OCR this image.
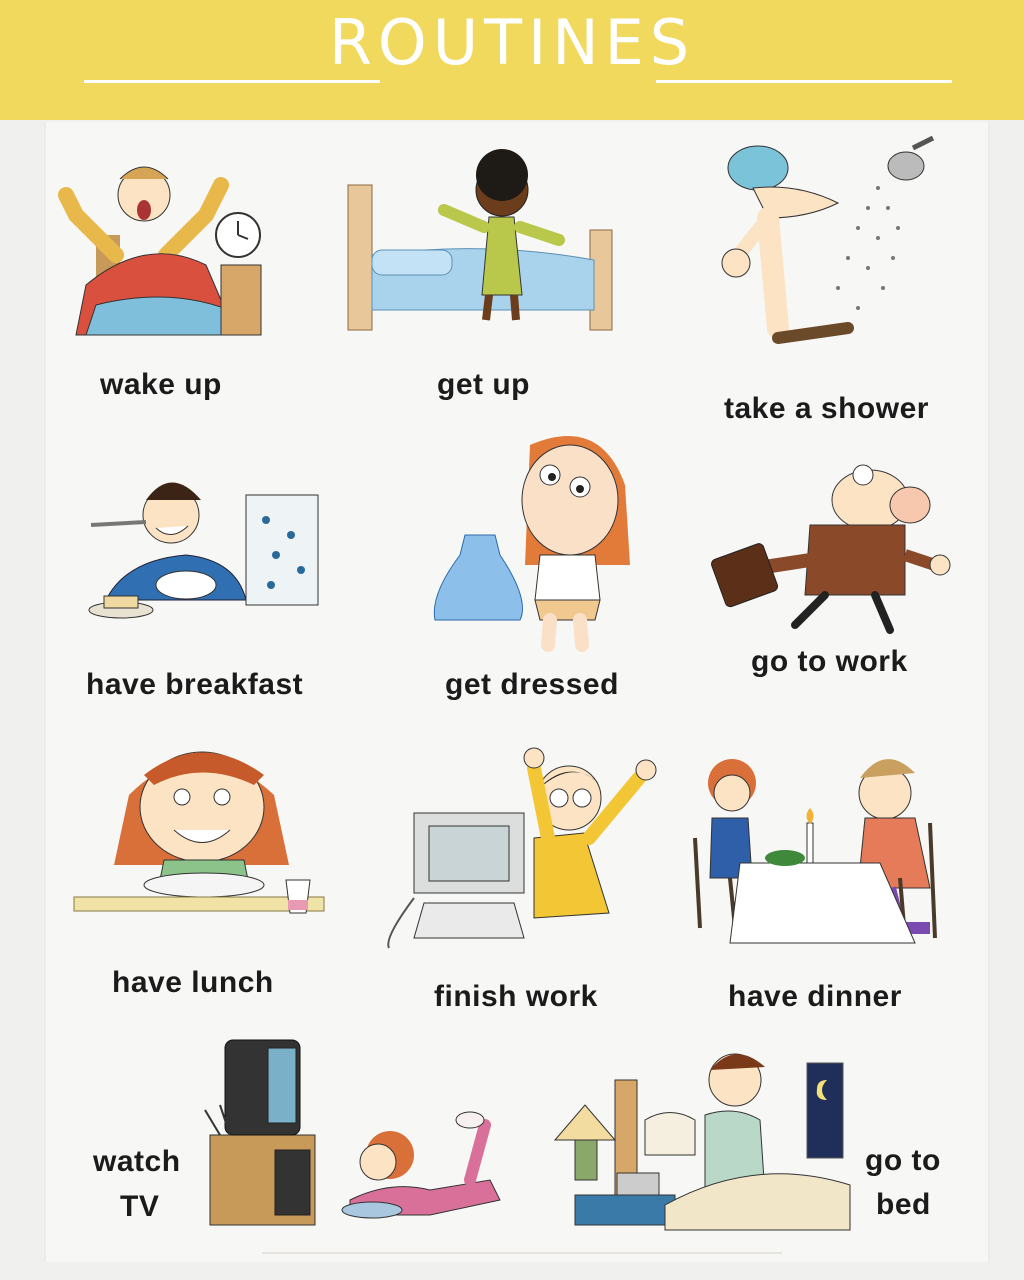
ROUTINES
wake up	get up
take a shower
have breakfast	get dressed
go to work
have lunch	finish work	have dinner
watch
TV
go to
bed
